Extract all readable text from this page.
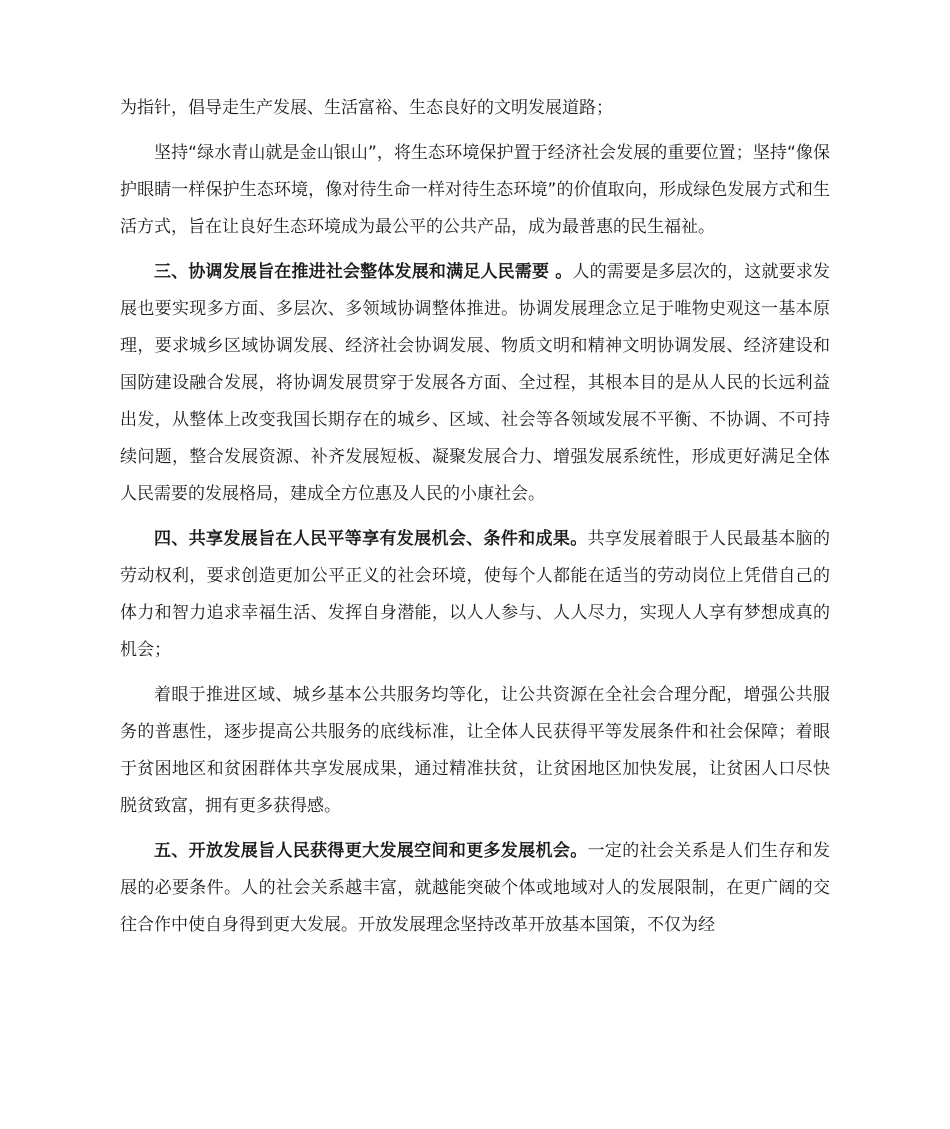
为指针，倡导走生产发展、生活富裕、生态良好的文明发展道路；

坚持“绿水青山就是金山银山”，将生态环境保护置于经济社会发展的重要位置；坚持“像保护眼睛一样保护生态环境，像对待生命一样对待生态环境”的价值取向，形成绿色发展方式和生活方式，旨在让良好生态环境成为最公平的公共产品，成为最普惠的民生福祉。

三、协调发展旨在推进社会整体发展和满足人民需要 。人的需要是多层次的，这就要求发展也要实现多方面、多层次、多领域协调整体推进。协调发展理念立足于唯物史观这一基本原理，要求城乡区域协调发展、经济社会协调发展、物质文明和精神文明协调发展、经济建设和国防建设融合发展，将协调发展贯穿于发展各方面、全过程，其根本目的是从人民的长远利益出发，从整体上改变我国长期存在的城乡、区域、社会等各领域发展不平衡、不协调、不可持续问题，整合发展资源、补齐发展短板、凝聚发展合力、增强发展系统性，形成更好满足全体人民需要的发展格局，建成全方位惠及人民的小康社会。

四、共享发展旨在人民平等享有发展机会、条件和成果。共享发展着眼于人民最基本脑的劳动权利，要求创造更加公平正义的社会环境，使每个人都能在适当的劳动岗位上凭借自己的体力和智力追求幸福生活、发挥自身潜能，以人人参与、人人尽力，实现人人享有梦想成真的机会；

着眼于推进区域、城乡基本公共服务均等化，让公共资源在全社会合理分配，增强公共服务的普惠性，逐步提高公共服务的底线标准，让全体人民获得平等发展条件和社会保障；着眼于贫困地区和贫困群体共享发展成果，通过精准扶贫，让贫困地区加快发展，让贫困人口尽快脱贫致富，拥有更多获得感。

五、开放发展旨人民获得更大发展空间和更多发展机会。一定的社会关系是人们生存和发展的必要条件。人的社会关系越丰富，就越能突破个体或地域对人的发展限制，在更广阔的交往合作中使自身得到更大发展。开放发展理念坚持改革开放基本国策，不仅为经
